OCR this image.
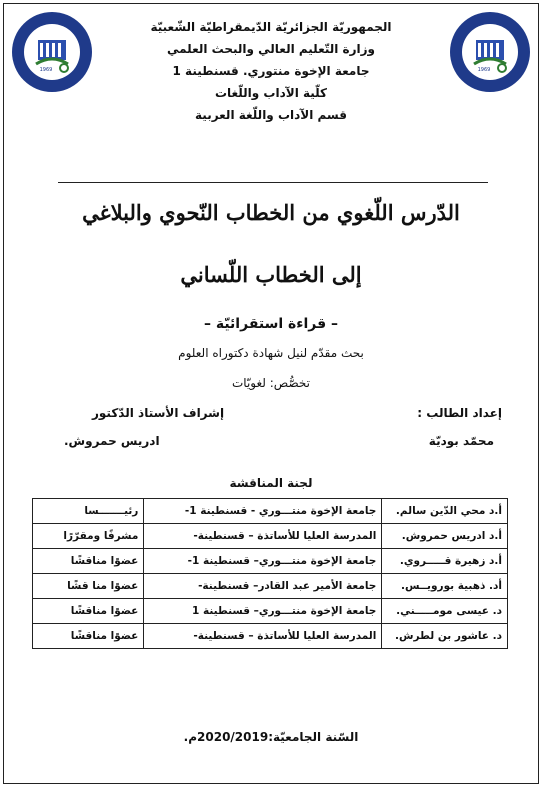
1969
1969
الجمهوريّة الجزائريّة الدّيمقراطيّة الشّعبيّة
وزارة التّعليم العالي والبحث العلمي
جامعة الإخوة منتوري. قسنطينة 1
كلّية الآداب واللّغات
قسم الآداب واللّغة العربية
الدّرس اللّغوي من الخطاب النّحوي والبلاغي
إلى الخطاب اللّساني
– قراءة استقرائيّة –
بحث مقدّم لنيل شهادة دكتوراه العلوم
تخصُّص: لغويّات
إعداد الطالب :
إشراف الأستاذ الدّكتور
محمّد بوديّة
ادريس حمروش.
لجنة المناقشة
أ.د محي الدّين سالم.	جامعة الإخوة منتـــوري - قسنطينة 1-	رئيـــــــسا
أ.د ادريس حمروش.	المدرسة العليا للأساتذة – قسنطينة-	مشرفًا ومقرّرًا
أ.د زهيرة قـــــروي.	جامعة الإخوة منتـــوري– قسنطينة 1-	عضوًا مناقشًا
أد. ذهبية بورويــس.	جامعة الأمير عبد القادر– قسنطينة-	عضوًا منا قشًا
د. عيسى مومـــــني.	جامعة الإخوة منتـــوري– قسنطينة 1	عضوًا مناقشًا
د. عاشور بن لطرش.	المدرسة العليا للأساتذة – قسنطينة-	عضوًا مناقشًا
السّنة الجامعيّة:2020/2019م.
